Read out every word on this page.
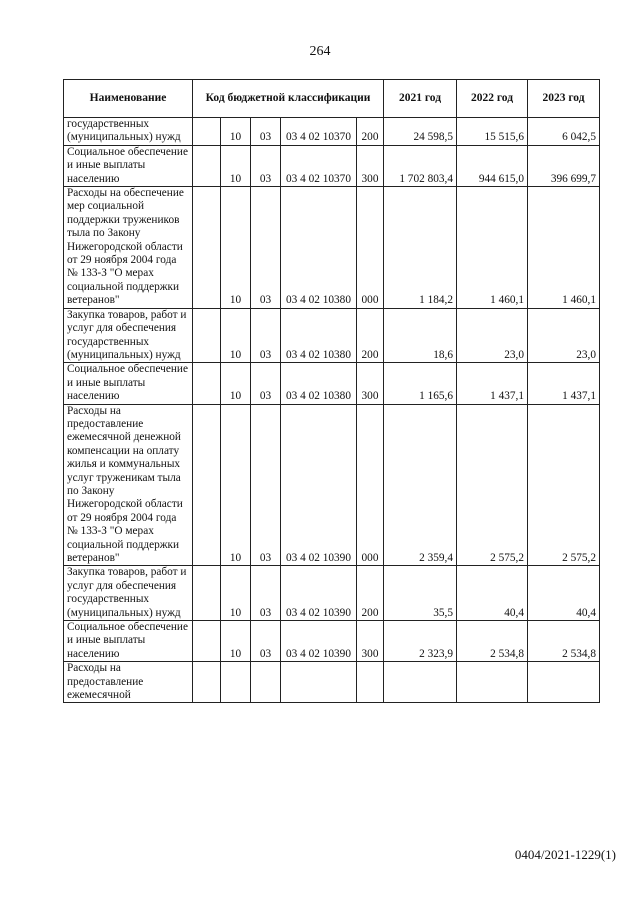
264
Наименование	Код бюджетной классификации					2021 год	2022 год	2023 год
государственных (муниципальных) нужд		10	03	03 4 02 10370	200	24 598,5	15 515,6	6 042,5
Социальное обеспечение и иные выплаты населению		10	03	03 4 02 10370	300	1 702 803,4	944 615,0	396 699,7
Расходы на обеспечение мер социальной поддержки тружеников тыла по Закону Нижегородской области от 29 ноября 2004 года № 133-З "О мерах социальной поддержки ветеранов"		10	03	03 4 02 10380	000	1 184,2	1 460,1	1 460,1
Закупка товаров, работ и услуг для обеспечения государственных (муниципальных) нужд		10	03	03 4 02 10380	200	18,6	23,0	23,0
Социальное обеспечение и иные выплаты населению		10	03	03 4 02 10380	300	1 165,6	1 437,1	1 437,1
Расходы на предоставление ежемесячной денежной компенсации на оплату жилья и коммунальных услуг труженикам тыла по Закону Нижегородской области от 29 ноября 2004 года № 133-З "О мерах социальной поддержки ветеранов"		10	03	03 4 02 10390	000	2 359,4	2 575,2	2 575,2
Закупка товаров, работ и услуг для обеспечения государственных (муниципальных) нужд		10	03	03 4 02 10390	200	35,5	40,4	40,4
Социальное обеспечение и иные выплаты населению		10	03	03 4 02 10390	300	2 323,9	2 534,8	2 534,8
Расходы на предоставление ежемесячной								
0404/2021-1229(1)
